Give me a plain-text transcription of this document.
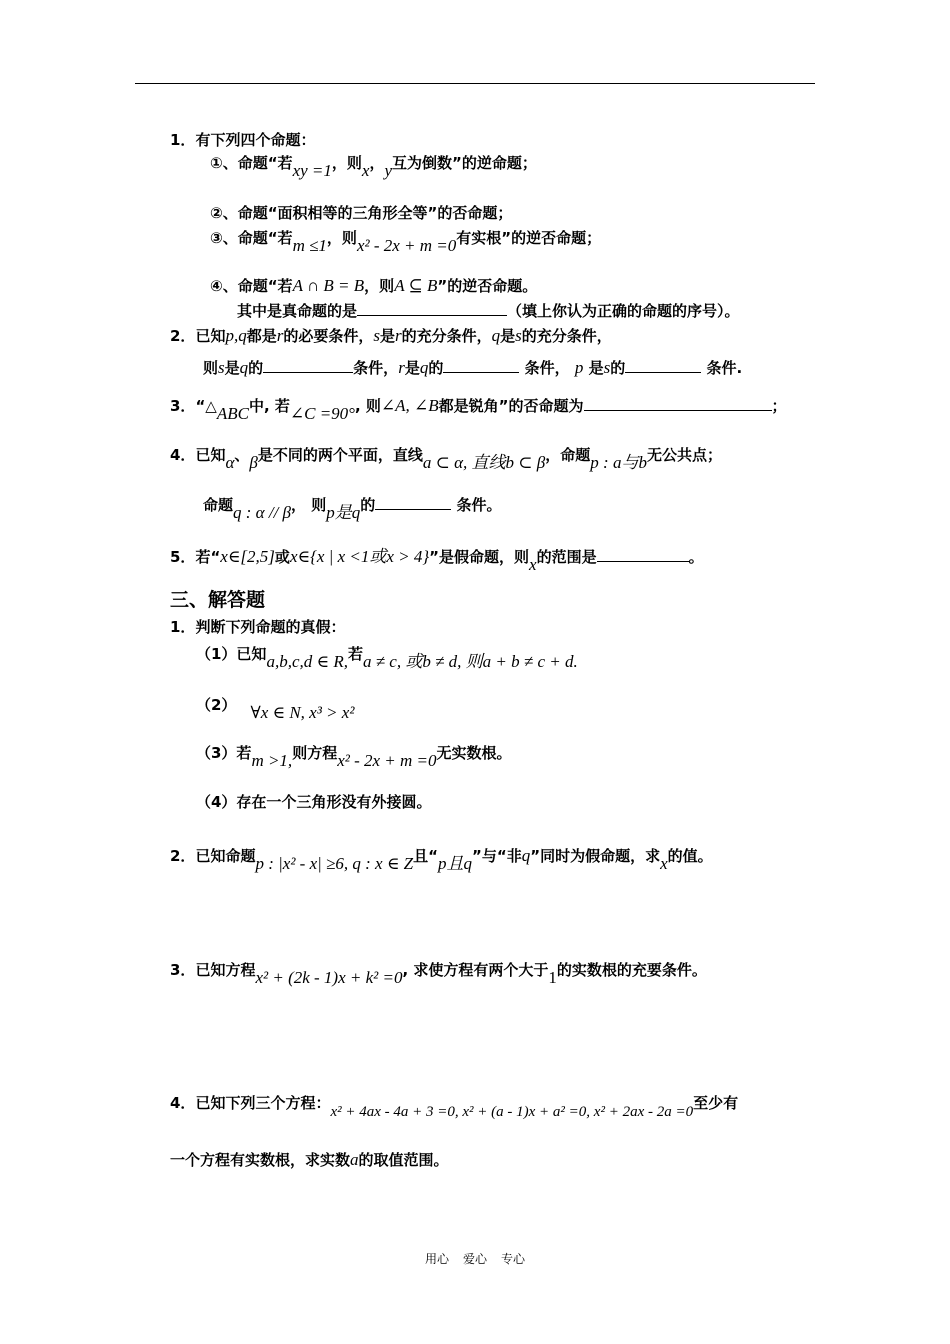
1．有下列四个命题：
①、命题“若xy =1，则x，y互为倒数”的逆命题；
②、命题“面积相等的三角形全等”的否命题；
③、命题“若m ≤1，则x² - 2x + m =0有实根”的逆否命题；
④、命题“若A ∩ B = B，则A ⊆ B”的逆否命题。
其中是真命题的是	（填上你认为正确的命题的序号）。
2．已知p,q都是r的必要条件，s是r的充分条件，q是s的充分条件，
则s是q的	条件，r是q的	条件， p 是s的	条件.
3．“△ABC中, 若∠C =90°, 则∠A, ∠B都是锐角”的否命题为	；
4．已知α、β是不同的两个平面，直线a ⊂ α, 直线b ⊂ β，命题p : a与b无公共点；
命题q : α // β， 则p是q的	条件。
5．若“x∈[2,5]或x∈{x | x <1或x > 4}”是假命题，则x的范围是	。
三、解答题
1．判断下列命题的真假：
（1）已知a,b,c,d ∈ R,若a ≠ c, 或b ≠ d, 则a + b ≠ c + d.
（2） ∀x ∈ N, x³ > x²
（3）若m >1,则方程x² - 2x + m =0无实数根。
（4）存在一个三角形没有外接圆。
2．已知命题p : |x² - x| ≥6, q : x ∈ Z且“p且q”与“非q”同时为假命题，求x的值。
3．已知方程x² + (2k - 1)x + k² =0, 求使方程有两个大于1的实数根的充要条件。
4．已知下列三个方程：x² + 4ax - 4a + 3 =0, x² + (a - 1)x + a² =0, x² + 2ax - 2a =0至少有
一个方程有实数根，求实数a的取值范围。
用心 爱心 专心
